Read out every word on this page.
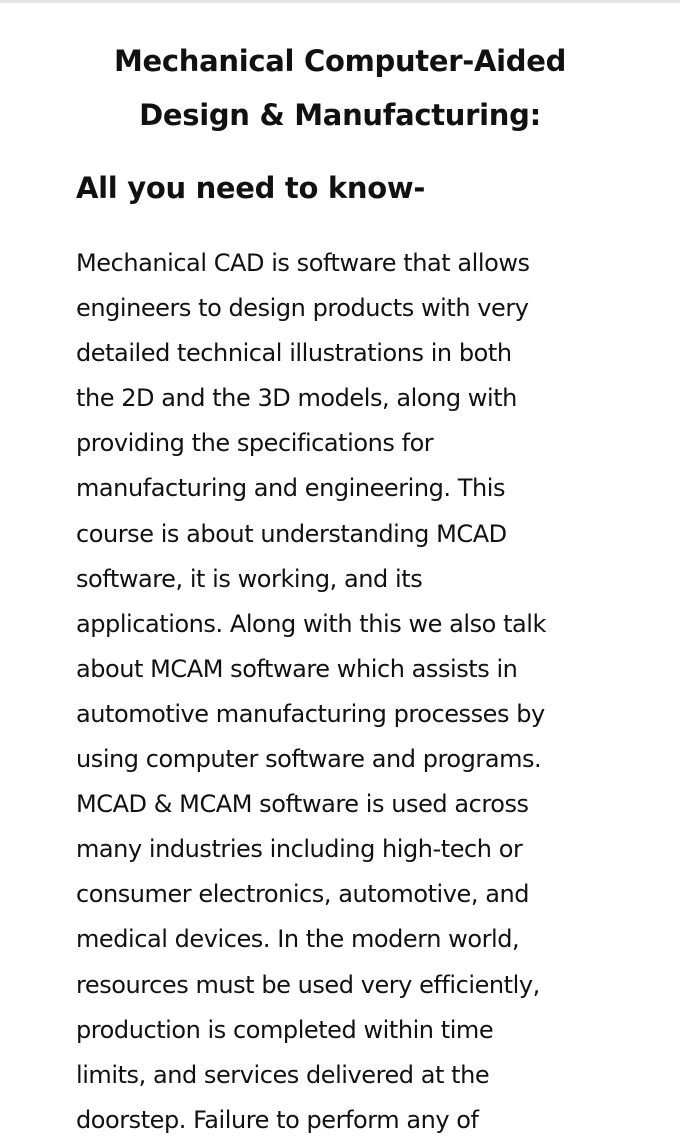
Mechanical Computer-Aided
Design & Manufacturing:
All you need to know-
Mechanical CAD is software that allows
engineers to design products with very
detailed technical illustrations in both
the 2D and the 3D models, along with
providing the specifications for
manufacturing and engineering. This
course is about understanding MCAD
software, it is working, and its
applications. Along with this we also talk
about MCAM software which assists in
automotive manufacturing processes by
using computer software and programs.
MCAD & MCAM software is used across
many industries including high-tech or
consumer electronics, automotive, and
medical devices. In the modern world,
resources must be used very efficiently,
production is completed within time
limits, and services delivered at the
doorstep. Failure to perform any of
